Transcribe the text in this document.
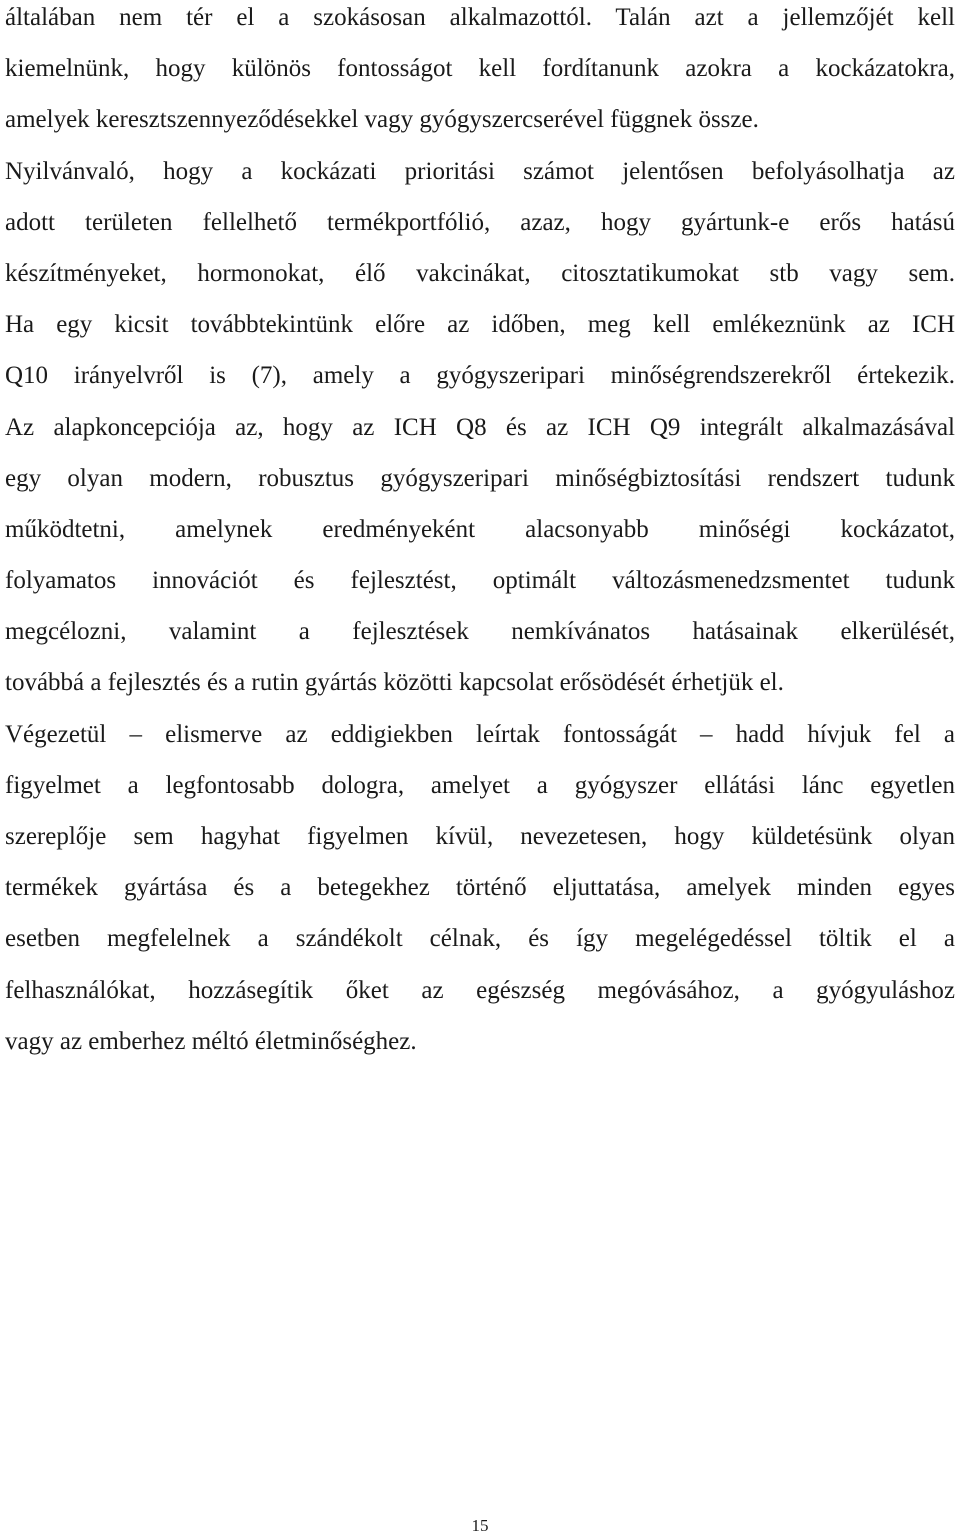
általában nem tér el a szokásosan alkalmazottól. Talán azt a jellemzőjét kell
kiemelnünk, hogy különös fontosságot kell fordítanunk azokra a kockázatokra,
amelyek keresztszennyeződésekkel vagy gyógyszercserével függnek össze.
Nyilvánvaló, hogy a kockázati prioritási számot jelentősen befolyásolhatja az
adott területen fellelhető termékportfólió, azaz, hogy gyártunk-e erős hatású
készítményeket, hormonokat, élő vakcinákat, citosztatikumokat stb vagy sem.
Ha egy kicsit továbbtekintünk előre az időben, meg kell emlékeznünk az ICH
Q10 irányelvről is (7), amely a gyógyszeripari minőségrendszerekről értekezik.
Az alapkoncepciója az, hogy az ICH Q8 és az ICH Q9 integrált alkalmazásával
egy olyan modern, robusztus gyógyszeripari minőségbiztosítási rendszert tudunk
működtetni, amelynek eredményeként alacsonyabb minőségi kockázatot,
folyamatos innovációt és fejlesztést, optimált változásmenedzsmentet tudunk
megcélozni, valamint a fejlesztések nemkívánatos hatásainak elkerülését,
továbbá a fejlesztés és a rutin gyártás közötti kapcsolat erősödését érhetjük el.
Végezetül – elismerve az eddigiekben leírtak fontosságát – hadd hívjuk fel a
figyelmet a legfontosabb dologra, amelyet a gyógyszer ellátási lánc egyetlen
szereplője sem hagyhat figyelmen kívül, nevezetesen, hogy küldetésünk olyan
termékek gyártása és a betegekhez történő eljuttatása, amelyek minden egyes
esetben megfelelnek a szándékolt célnak, és így megelégedéssel töltik el a
felhasználókat, hozzásegítik őket az egészség megóvásához, a gyógyuláshoz
vagy az emberhez méltó életminőséghez.
15
